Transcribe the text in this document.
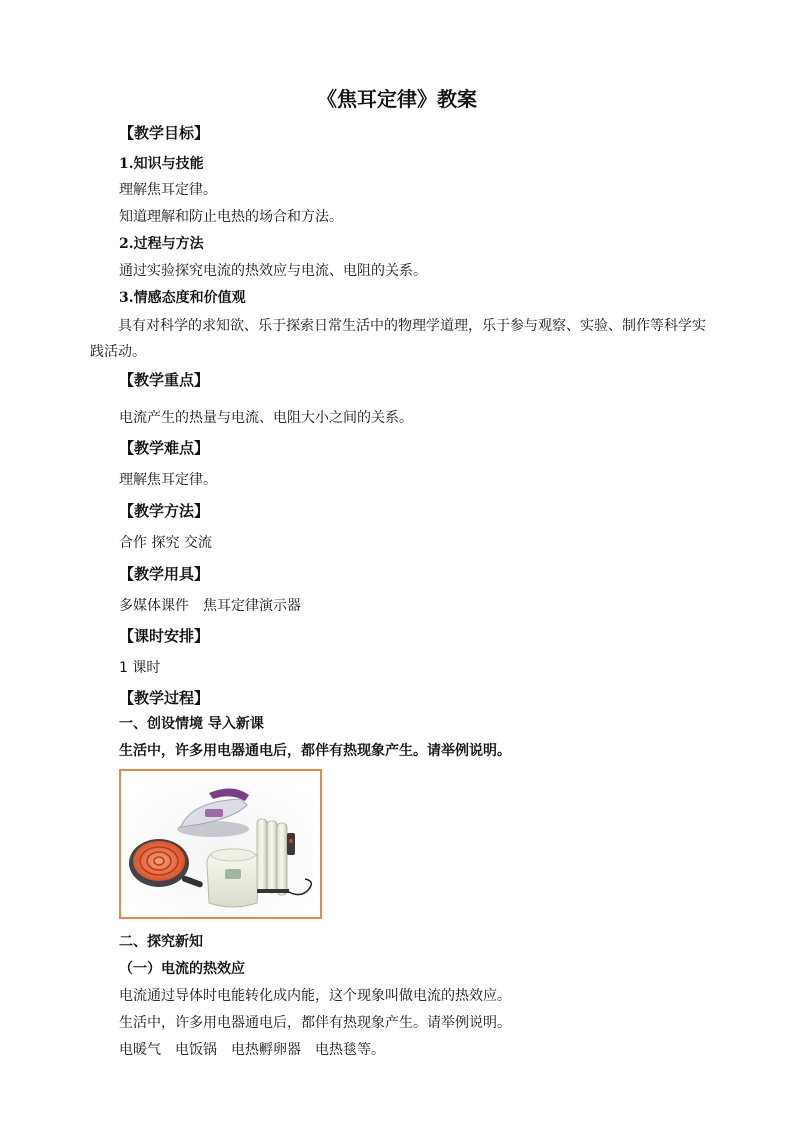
《焦耳定律》教案
【教学目标】
1.知识与技能
理解焦耳定律。
知道理解和防止电热的场合和方法。
2.过程与方法
通过实验探究电流的热效应与电流、电阻的关系。
3.情感态度和价值观
具有对科学的求知欲、乐于探索日常生活中的物理学道理，乐于参与观察、实验、制作等科学实践活动。
【教学重点】
电流产生的热量与电流、电阻大小之间的关系。
【教学难点】
理解焦耳定律。
【教学方法】
合作 探究 交流
【教学用具】
多媒体课件　焦耳定律演示器
【课时安排】
1 课时
【教学过程】
一、创设情境 导入新课
生活中，许多用电器通电后，都伴有热现象产生。请举例说明。
二、探究新知
（一）电流的热效应
电流通过导体时电能转化成内能，这个现象叫做电流的热效应。
生活中，许多用电器通电后，都伴有热现象产生。请举例说明。
电暖气　电饭锅　电热孵卵器　电热毯等。
